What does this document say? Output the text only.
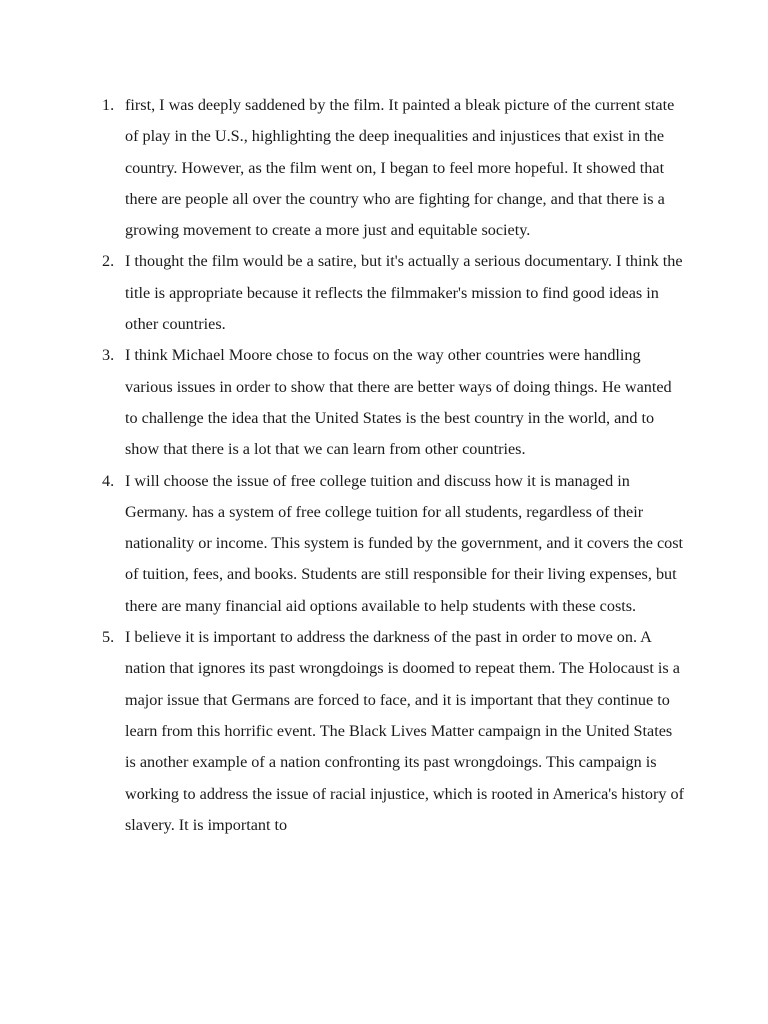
1. first, I was deeply saddened by the film. It painted a bleak picture of the current state of play in the U.S., highlighting the deep inequalities and injustices that exist in the country. However, as the film went on, I began to feel more hopeful. It showed that there are people all over the country who are fighting for change, and that there is a growing movement to create a more just and equitable society.
2. I thought the film would be a satire, but it's actually a serious documentary. I think the title is appropriate because it reflects the filmmaker's mission to find good ideas in other countries.
3. I think Michael Moore chose to focus on the way other countries were handling various issues in order to show that there are better ways of doing things. He wanted to challenge the idea that the United States is the best country in the world, and to show that there is a lot that we can learn from other countries.
4. I will choose the issue of free college tuition and discuss how it is managed in Germany. has a system of free college tuition for all students, regardless of their nationality or income. This system is funded by the government, and it covers the cost of tuition, fees, and books. Students are still responsible for their living expenses, but there are many financial aid options available to help students with these costs.
5. I believe it is important to address the darkness of the past in order to move on. A nation that ignores its past wrongdoings is doomed to repeat them. The Holocaust is a major issue that Germans are forced to face, and it is important that they continue to learn from this horrific event. The Black Lives Matter campaign in the United States is another example of a nation confronting its past wrongdoings. This campaign is working to address the issue of racial injustice, which is rooted in America's history of slavery. It is important to
